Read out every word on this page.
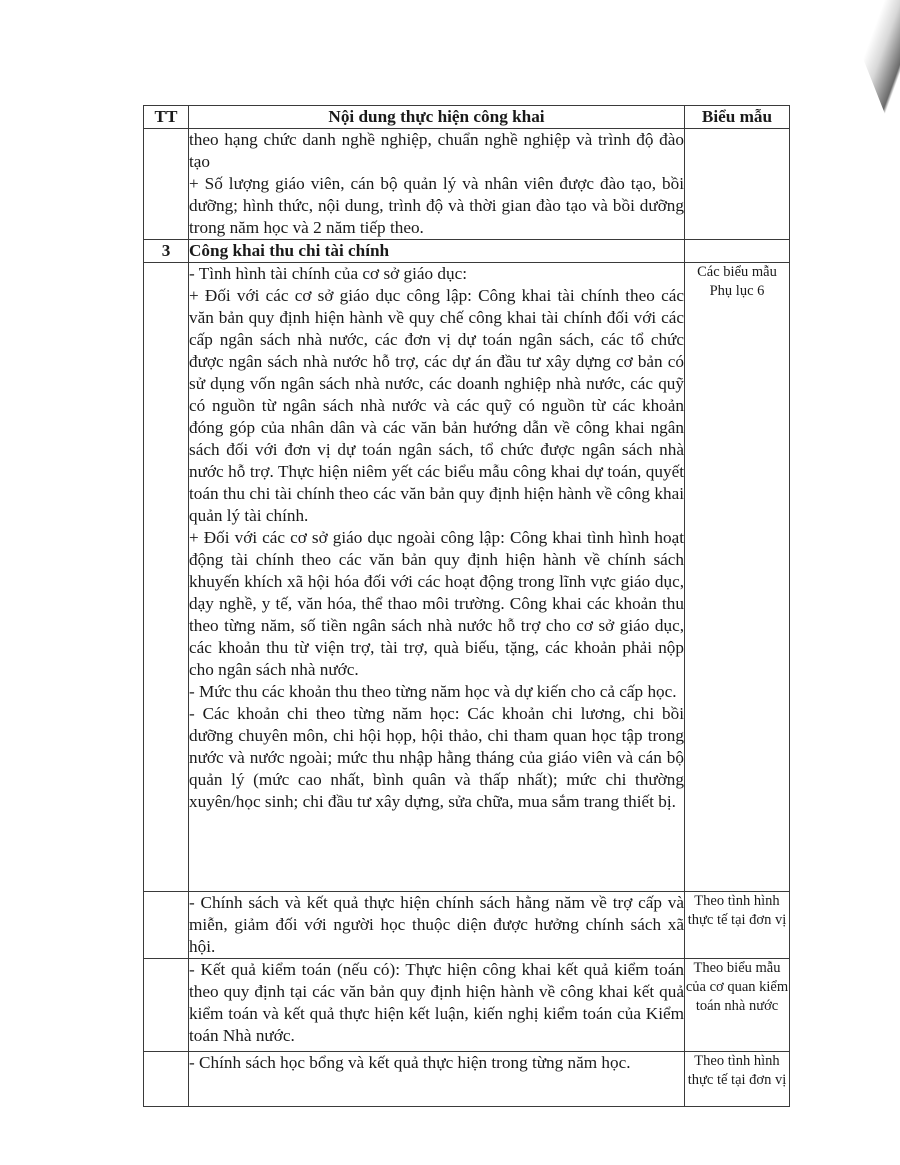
TT	Nội dung thực hiện công khai	Biểu mẫu

	theo hạng chức danh nghề nghiệp, chuẩn nghề nghiệp và trình độ đào tạo

+ Số lượng giáo viên, cán bộ quản lý và nhân viên được đào tạo, bồi dưỡng; hình thức, nội dung, trình độ và thời gian đào tạo và bồi dưỡng trong năm học và 2 năm tiếp theo.	

3	Công khai thu chi tài chính	

	- Tình hình tài chính của cơ sở giáo dục:

+ Đối với các cơ sở giáo dục công lập: Công khai tài chính theo các văn bản quy định hiện hành về quy chế công khai tài chính đối với các cấp ngân sách nhà nước, các đơn vị dự toán ngân sách, các tổ chức được ngân sách nhà nước hỗ trợ, các dự án đầu tư xây dựng cơ bản có sử dụng vốn ngân sách nhà nước, các doanh nghiệp nhà nước, các quỹ có nguồn từ ngân sách nhà nước và các quỹ có nguồn từ các khoản đóng góp của nhân dân và các văn bản hướng dẫn về công khai ngân sách đối với đơn vị dự toán ngân sách, tổ chức được ngân sách nhà nước hỗ trợ. Thực hiện niêm yết các biểu mẫu công khai dự toán, quyết toán thu chi tài chính theo các văn bản quy định hiện hành về công khai quản lý tài chính.

+ Đối với các cơ sở giáo dục ngoài công lập: Công khai tình hình hoạt động tài chính theo các văn bản quy định hiện hành về chính sách khuyến khích xã hội hóa đối với các hoạt động trong lĩnh vực giáo dục, dạy nghề, y tế, văn hóa, thể thao môi trường. Công khai các khoản thu theo từng năm, số tiền ngân sách nhà nước hỗ trợ cho cơ sở giáo dục, các khoản thu từ viện trợ, tài trợ, quà biếu, tặng, các khoản phải nộp cho ngân sách nhà nước.

- Mức thu các khoản thu theo từng năm học và dự kiến cho cả cấp học.

- Các khoản chi theo từng năm học: Các khoản chi lương, chi bồi dưỡng chuyên môn, chi hội họp, hội thảo, chi tham quan học tập trong nước và nước ngoài; mức thu nhập hằng tháng của giáo viên và cán bộ quản lý (mức cao nhất, bình quân và thấp nhất); mức chi thường xuyên/học sinh; chi đầu tư xây dựng, sửa chữa, mua sắm trang thiết bị.	Các biểu mẫu Phụ lục 6

	- Chính sách và kết quả thực hiện chính sách hằng năm về trợ cấp và miễn, giảm đối với người học thuộc diện được hưởng chính sách xã hội.	Theo tình hình thực tế tại đơn vị

	- Kết quả kiểm toán (nếu có): Thực hiện công khai kết quả kiểm toán theo quy định tại các văn bản quy định hiện hành về công khai kết quả kiểm toán và kết quả thực hiện kết luận, kiến nghị kiểm toán của Kiểm toán Nhà nước.	Theo biểu mẫu của cơ quan kiểm toán nhà nước

	- Chính sách học bổng và kết quả thực hiện trong từng năm học.	Theo tình hình thực tế tại đơn vị
